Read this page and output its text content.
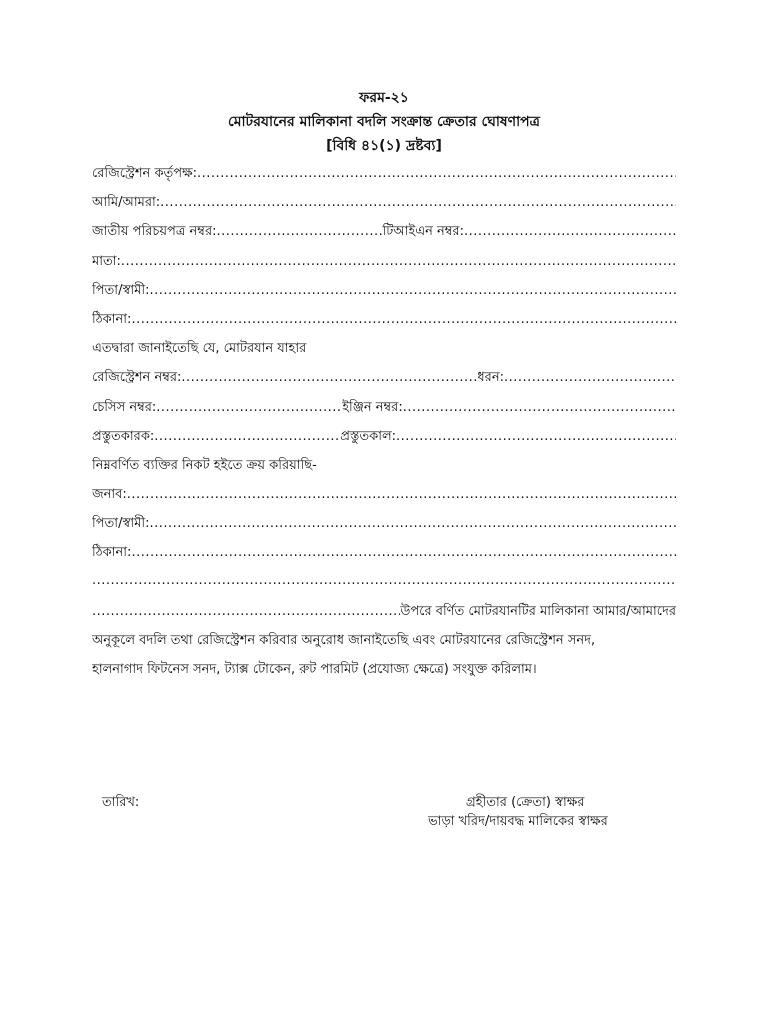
ফরম-২১
মোটরযানের মালিকানা বদলি সংক্রান্ত ক্রেতার ঘোষণাপত্র
[বিধি ৪১(১) দ্রষ্টব্য]
রেজিস্ট্রেশন কর্তৃপক্ষ:
.....
আমি/আমরা:
.....
জাতীয় পরিচয়পত্র নম্বর: .....	টিআইএন নম্বর:
.....
মাতা:
.....
পিতা/স্বামী:
.....
ঠিকানা:
.....
এতদ্বারা জানাইতেছি যে, মোটরযান যাহার
রেজিস্ট্রেশন নম্বর: .....	ধরন:
.....
চেসিস নম্বর: .....	ইঞ্জিন নম্বর:
.....
প্রস্তুতকারক: .....	প্রস্তুতকাল:
.....
নিম্নবর্ণিত ব্যক্তির নিকট হইতে ক্রয় করিয়াছি-
জনাব:
.....
পিতা/স্বামী:
.....
ঠিকানা:
.....
.....
.....
উপরে বর্ণিত মোটরযানটির মালিকানা আমার/আমাদের
অনুকূলে বদলি তথা রেজিস্ট্রেশন করিবার অনুরোধ জানাইতেছি এবং মোটরযানের রেজিস্ট্রেশন সনদ,
হালনাগাদ ফিটনেস সনদ, ট্যাক্স টোকেন, রুট পারমিট (প্রযোজ্য ক্ষেত্রে) সংযুক্ত করিলাম।
তারিখ:	গ্রহীতার (ক্রেতা) স্বাক্ষর
ভাড়া খরিদ/দায়বদ্ধ মালিকের স্বাক্ষর
